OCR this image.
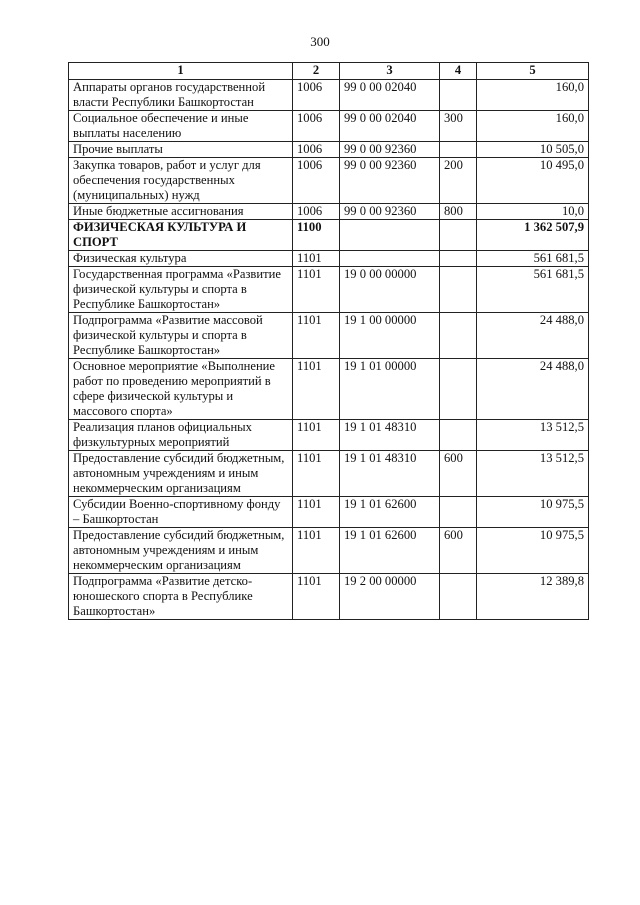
300
1	2	3	4	5
Аппараты органов государственной власти Республики Башкортостан	1006	99 0 00 02040		160,0
Социальное обеспечение и иные выплаты населению	1006	99 0 00 02040	300	160,0
Прочие выплаты	1006	99 0 00 92360		10 505,0
Закупка товаров, работ и услуг для обеспечения государственных (муниципальных) нужд	1006	99 0 00 92360	200	10 495,0
Иные бюджетные ассигнования	1006	99 0 00 92360	800	10,0
ФИЗИЧЕСКАЯ КУЛЬТУРА И СПОРТ	1100			1 362 507,9
Физическая культура	1101			561 681,5
Государственная программа «Развитие физической культуры и спорта в Республике Башкортостан»	1101	19 0 00 00000		561 681,5
Подпрограмма «Развитие массовой физической культуры и спорта в Республике Башкортостан»	1101	19 1 00 00000		24 488,0
Основное мероприятие «Выполнение работ по проведению мероприятий в сфере физической культуры и массового спорта»	1101	19 1 01 00000		24 488,0
Реализация планов официальных физкультурных мероприятий	1101	19 1 01 48310		13 512,5
Предоставление субсидий бюджетным, автономным учреждениям и иным некоммерческим организациям	1101	19 1 01 48310	600	13 512,5
Субсидии Военно-спортивному фонду – Башкортостан	1101	19 1 01 62600		10 975,5
Предоставление субсидий бюджетным, автономным учреждениям и иным некоммерческим организациям	1101	19 1 01 62600	600	10 975,5
Подпрограмма «Развитие детско-юношеского спорта в Республике Башкортостан»	1101	19 2 00 00000		12 389,8
